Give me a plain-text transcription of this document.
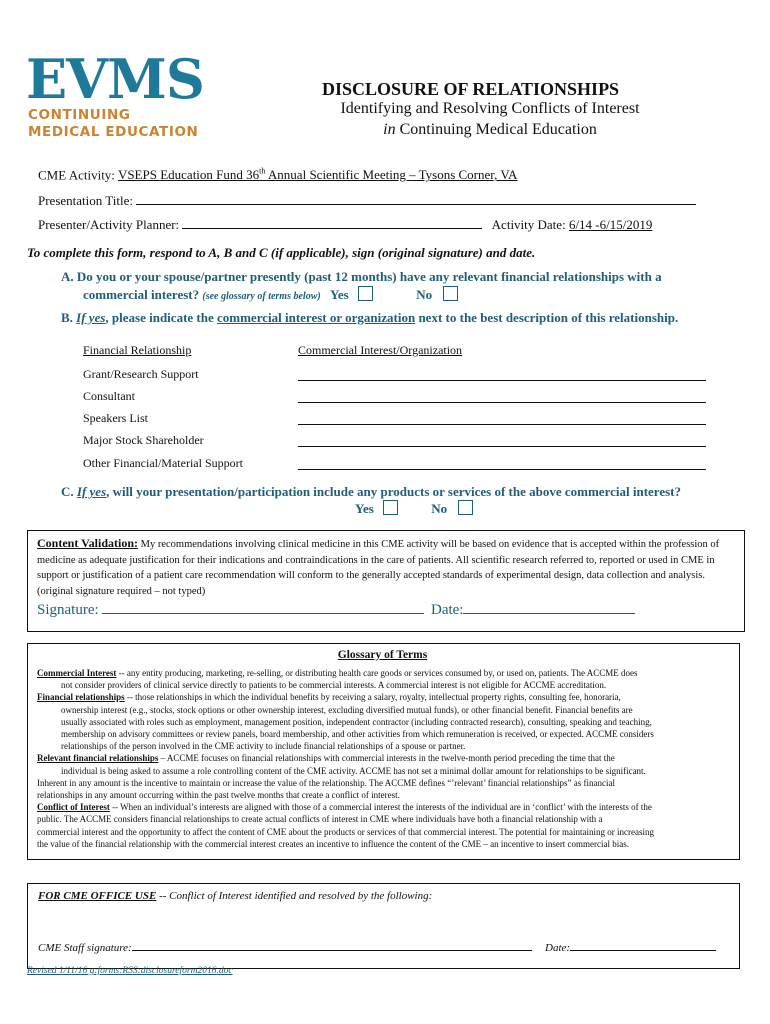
EVMS
CONTINUING
MEDICAL EDUCATION
DISCLOSURE OF RELATIONSHIPS
Identifying and Resolving Conflicts of Interest
in Continuing Medical Education
CME Activity: VSEPS Education Fund 36th Annual Scientific Meeting – Tysons Corner, VA
Presentation Title:
Presenter/Activity Planner:	Activity Date: 6/14 -6/15/2019
To complete this form, respond to A, B and C (if applicable), sign (original signature) and date.
A. Do you or your spouse/partner presently (past 12 months) have any relevant financial relationships with a
commercial interest? (see glossary of terms below) Yes	No
B. If yes, please indicate the commercial interest or organization next to the best description of this relationship.
Financial Relationship	Commercial Interest/Organization
Grant/Research Support
Consultant
Speakers List
Major Stock Shareholder
Other Financial/Material Support
C. If yes, will your presentation/participation include any products or services of the above commercial interest?
Yes	No
Content Validation: My recommendations involving clinical medicine in this CME activity will be based on evidence that is accepted within the profession of medicine as adequate justification for their indications and contraindications in the care of patients. All scientific research referred to, reported or used in CME in support or justification of a patient care recommendation will conform to the generally accepted standards of experimental design, data collection and analysis. (original signature required – not typed)
Signature:	Date:
Glossary of Terms
Commercial Interest -- any entity producing, marketing, re-selling, or distributing health care goods or services consumed by, or used on, patients. The ACCME does
not consider providers of clinical service directly to patients to be commercial interests. A commercial interest is not eligible for ACCME accreditation.
Financial relationships -- those relationships in which the individual benefits by receiving a salary, royalty, intellectual property rights, consulting fee, honoraria,
ownership interest (e.g., stocks, stock options or other ownership interest, excluding diversified mutual funds), or other financial benefit. Financial benefits are
usually associated with roles such as employment, management position, independent contractor (including contracted research), consulting, speaking and teaching,
membership on advisory committees or review panels, board membership, and other activities from which remuneration is received, or expected. ACCME considers
relationships of the person involved in the CME activity to include financial relationships of a spouse or partner.
Relevant financial relationships – ACCME focuses on financial relationships with commercial interests in the twelve-month period preceding the time that the
individual is being asked to assume a role controlling content of the CME activity. ACCME has not set a minimal dollar amount for relationships to be significant.
Inherent in any amount is the incentive to maintain or increase the value of the relationship. The ACCME defines “’relevant’ financial relationships” as financial
relationships in any amount occurring within the past twelve months that create a conflict of interest.
Conflict of Interest -- When an individual’s interests are aligned with those of a commercial interest the interests of the individual are in ‘conflict’ with the interests of the
public. The ACCME considers financial relationships to create actual conflicts of interest in CME where individuals have both a financial relationship with a
commercial interest and the opportunity to affect the content of CME about the products or services of that commercial interest. The potential for maintaining or increasing
the value of the financial relationship with the commercial interest creates an incentive to influence the content of the CME – an incentive to insert commercial bias.
FOR CME OFFICE USE -- Conflict of Interest identified and resolved by the following:
CME Staff signature:	Date:
Revised 1/11/16 g:forms:RSS:disclosureform2016.doc
